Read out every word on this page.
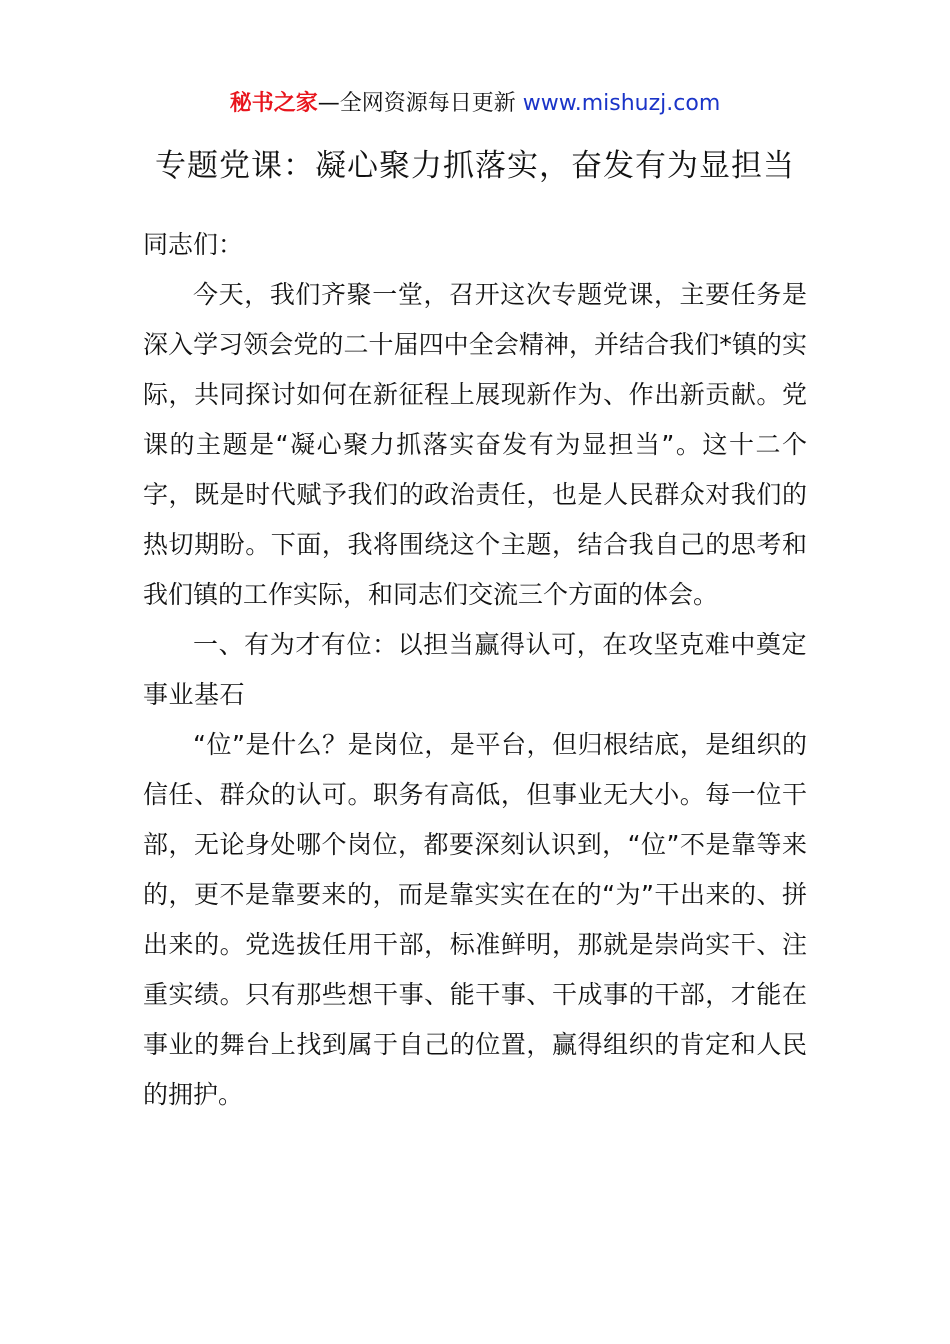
秘书之家—全网资源每日更新 www.mishuzj.com
专题党课：凝心聚力抓落实，奋发有为显担当

同志们：

今天，我们齐聚一堂，召开这次专题党课，主要任务是深入学习领会党的二十届四中全会精神，并结合我们*镇的实际，共同探讨如何在新征程上展现新作为、作出新贡献。党课的主题是“凝心聚力抓落实奋发有为显担当”。这十二个字，既是时代赋予我们的政治责任，也是人民群众对我们的热切期盼。下面，我将围绕这个主题，结合我自己的思考和我们镇的工作实际，和同志们交流三个方面的体会。

一、有为才有位：以担当赢得认可，在攻坚克难中奠定事业基石

“位”是什么？是岗位，是平台，但归根结底，是组织的信任、群众的认可。职务有高低，但事业无大小。每一位干部，无论身处哪个岗位，都要深刻认识到，“位”不是靠等来的，更不是靠要来的，而是靠实实在在的“为”干出来的、拼出来的。党选拔任用干部，标准鲜明，那就是崇尚实干、注重实绩。只有那些想干事、能干事、干成事的干部，才能在事业的舞台上找到属于自己的位置，赢得组织的肯定和人民的拥护。
